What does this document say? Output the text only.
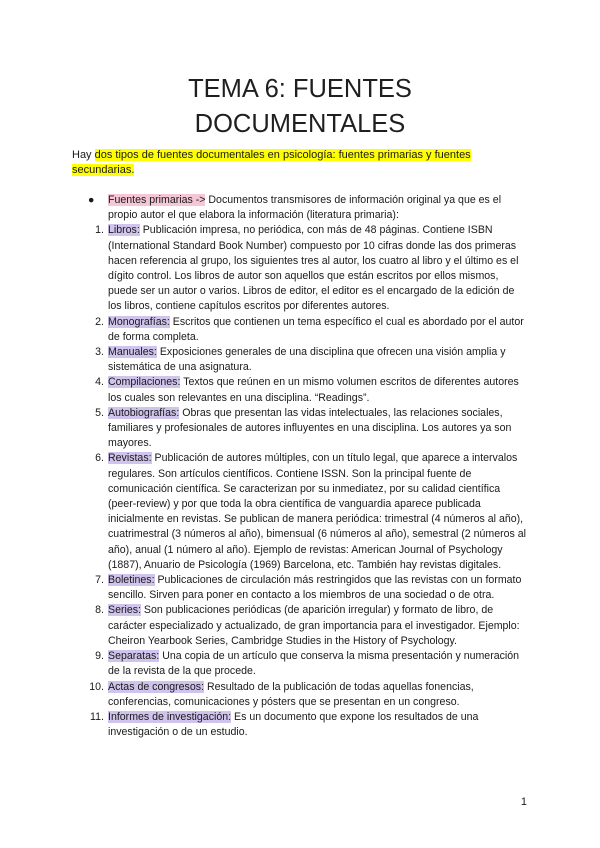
TEMA 6: FUENTES
DOCUMENTALES

Hay dos tipos de fuentes documentales en psicología: fuentes primarias y fuentes secundarias.

● Fuentes primarias -> Documentos transmisores de información original ya que es el propio autor el que elabora la información (literatura primaria):

1. Libros: Publicación impresa, no periódica, con más de 48 páginas. Contiene ISBN (International Standard Book Number) compuesto por 10 cifras donde las dos primeras hacen referencia al grupo, los siguientes tres al autor, los cuatro al libro y el último es el dígito control. Los libros de autor son aquellos que están escritos por ellos mismos, puede ser un autor o varios. Libros de editor, el editor es el encargado de la edición de los libros, contiene capítulos escritos por diferentes autores.

2. Monografías: Escritos que contienen un tema específico el cual es abordado por el autor de forma completa.

3. Manuales: Exposiciones generales de una disciplina que ofrecen una visión amplia y sistemática de una asignatura.

4. Compilaciones: Textos que reúnen en un mismo volumen escritos de diferentes autores los cuales son relevantes en una disciplina. “Readings”.

5. Autobiografías: Obras que presentan las vidas intelectuales, las relaciones sociales, familiares y profesionales de autores influyentes en una disciplina. Los autores ya son mayores.

6. Revistas: Publicación de autores múltiples, con un título legal, que aparece a intervalos regulares. Son artículos científicos. Contiene ISSN. Son la principal fuente de comunicación científica. Se caracterizan por su inmediatez, por su calidad científica (peer-review) y por que toda la obra científica de vanguardia aparece publicada inicialmente en revistas. Se publican de manera periódica: trimestral (4 números al año), cuatrimestral (3 números al año), bimensual (6 números al año), semestral (2 números al año), anual (1 número al año). Ejemplo de revistas: American Journal of Psychology (1887), Anuario de Psicología (1969) Barcelona, etc. También hay revistas digitales.

7. Boletines: Publicaciones de circulación más restringidos que las revistas con un formato sencillo. Sirven para poner en contacto a los miembros de una sociedad o de otra.

8. Series: Son publicaciones periódicas (de aparición irregular) y formato de libro, de carácter especializado y actualizado, de gran importancia para el investigador. Ejemplo: Cheiron Yearbook Series, Cambridge Studies in the History of Psychology.

9. Separatas: Una copia de un artículo que conserva la misma presentación y numeración de la revista de la que procede.

10. Actas de congresos: Resultado de la publicación de todas aquellas fonencias, conferencias, comunicaciones y pósters que se presentan en un congreso.

11. Informes de investigación: Es un documento que expone los resultados de una investigación o de un estudio.

1
